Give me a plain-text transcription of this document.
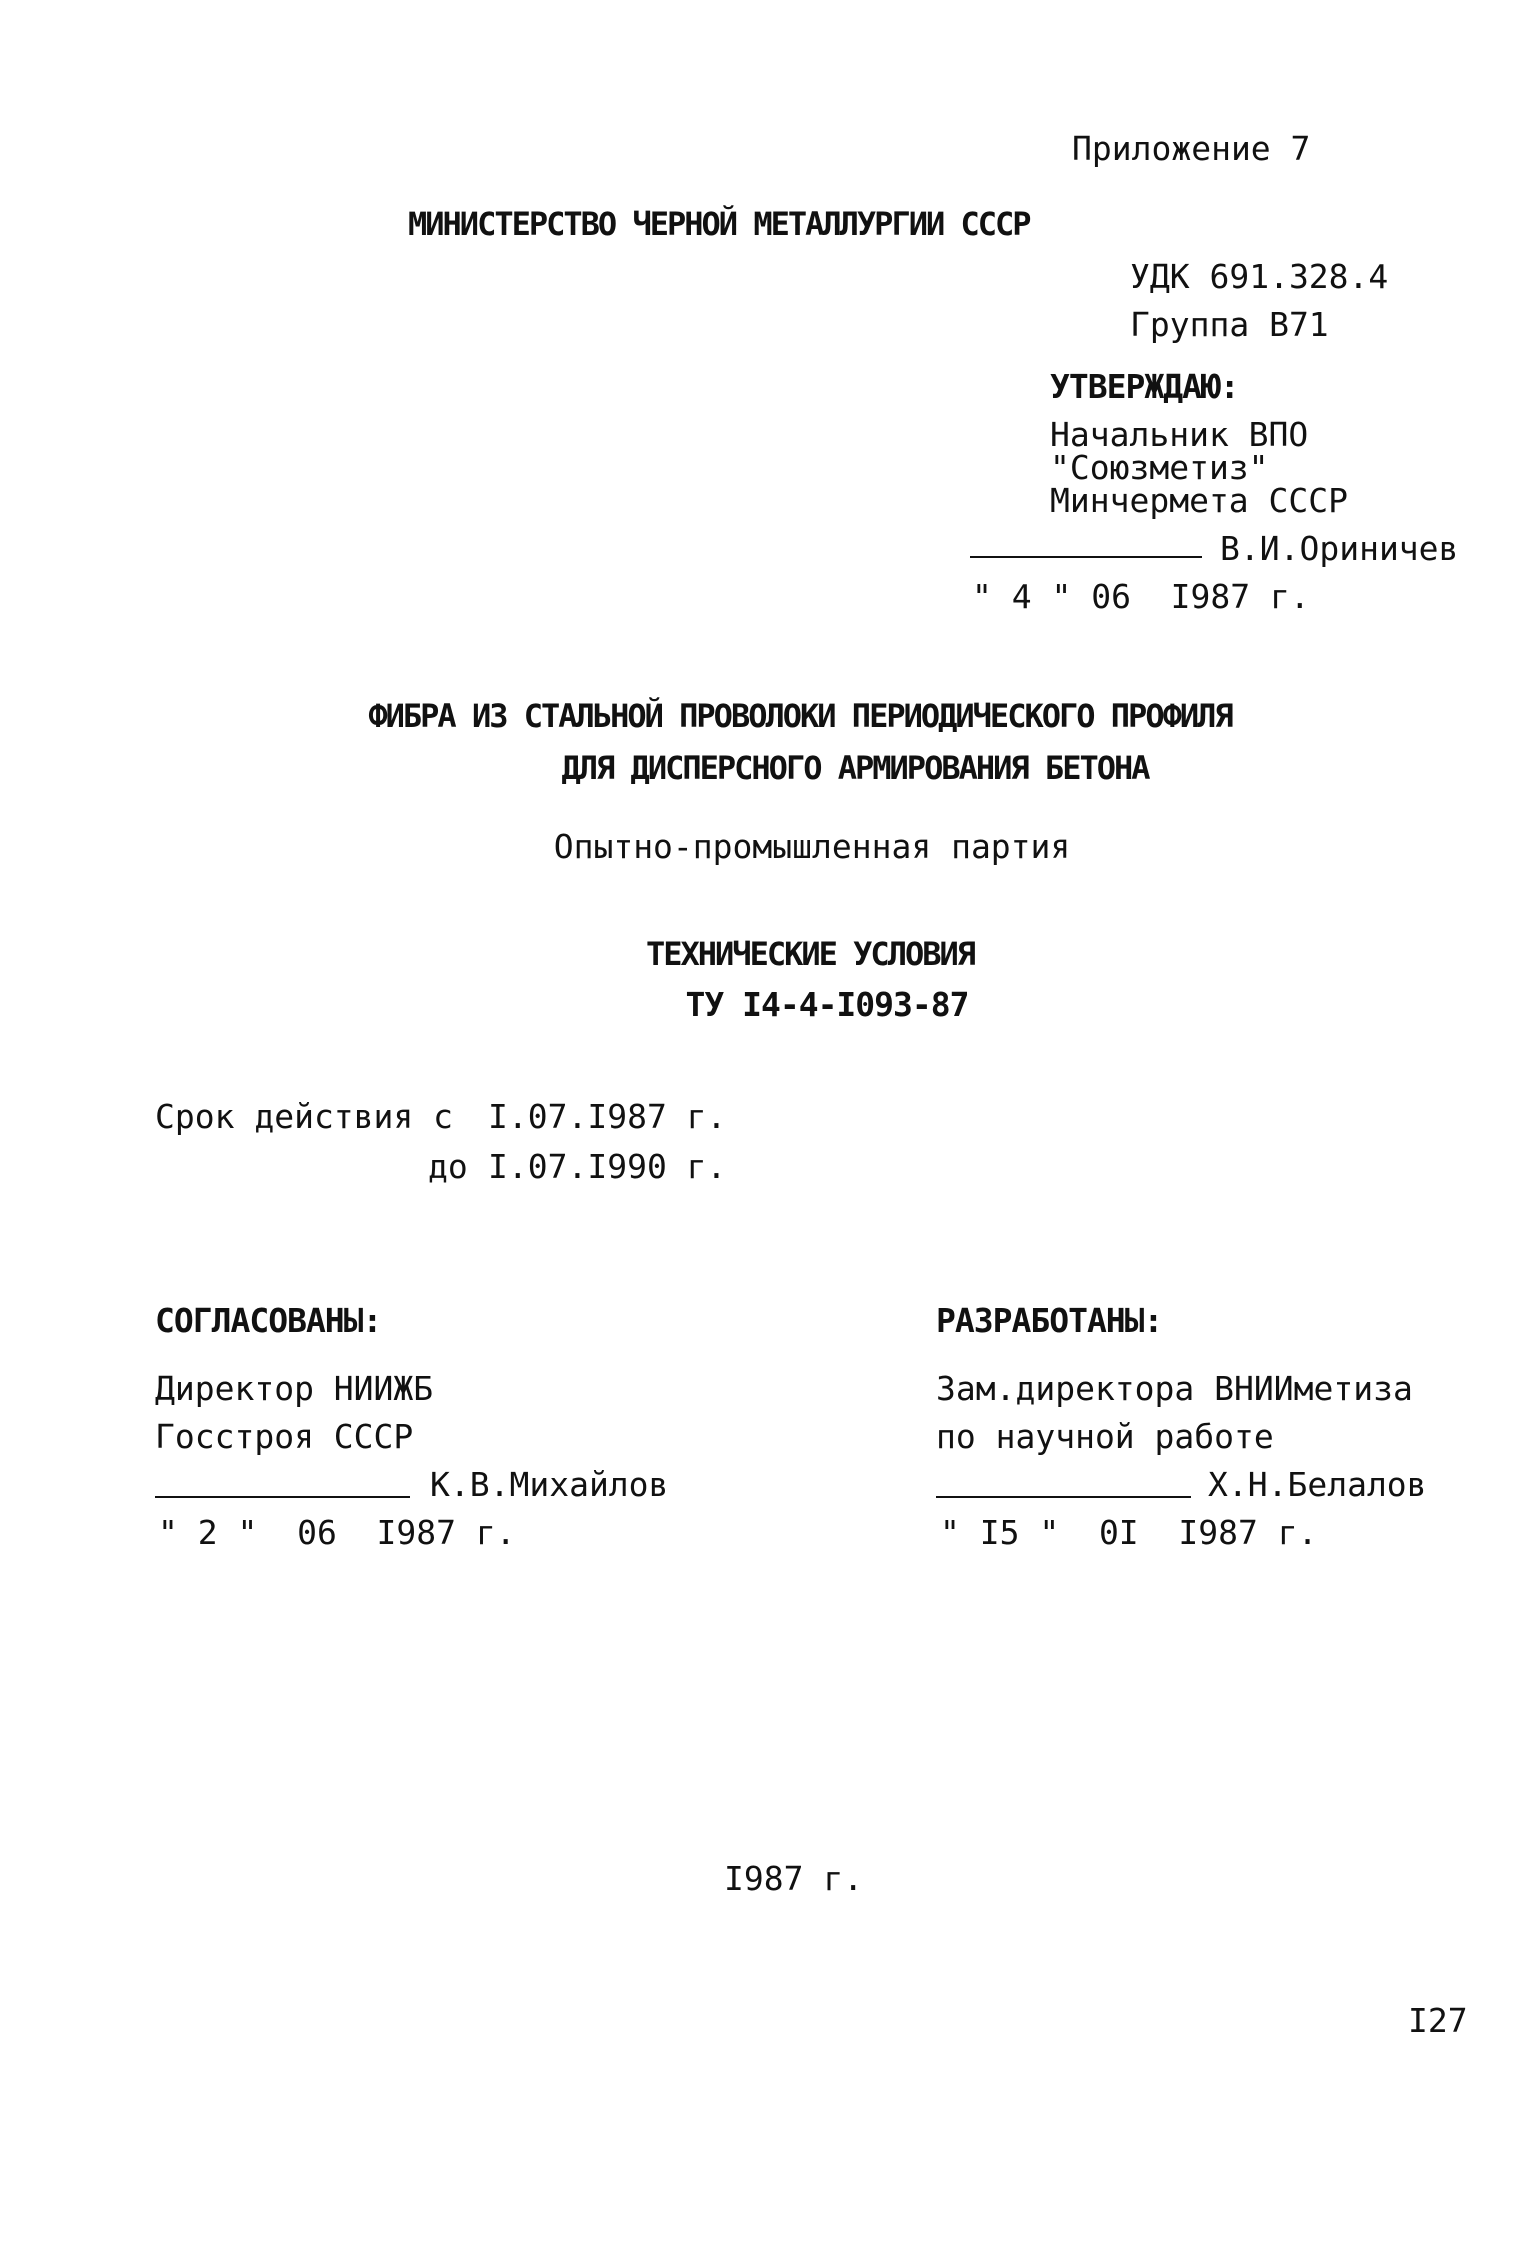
Приложение 7
МИНИСТЕРСТВО ЧЕРНОЙ МЕТАЛЛУРГИИ СССР
УДК 691.328.4
Группа В71
УТВЕРЖДАЮ:
Начальник ВПО
"Союзметиз"
Минчермета СССР
В.И.Ориничев
" 4 " 06  I987 г.
ФИБРА ИЗ СТАЛЬНОЙ ПРОВОЛОКИ ПЕРИОДИЧЕСКОГО ПРОФИЛЯ
ДЛЯ ДИСПЕРСНОГО АРМИРОВАНИЯ БЕТОНА
Опытно-промышленная партия
ТЕХНИЧЕСКИЕ УСЛОВИЯ
ТУ I4-4-I093-87
Срок действия с I.07.I987 г.
до I.07.I990 г.
СОГЛАСОВАНЫ:
Директор НИИЖБ
Госстроя СССР
К.В.Михайлов
" 2 "  06  I987 г.
РАЗРАБОТАНЫ:
Зам.директора ВНИИметиза
по научной работе
Х.Н.Белалов
" I5 "  0I  I987 г.
I987 г.
I27
